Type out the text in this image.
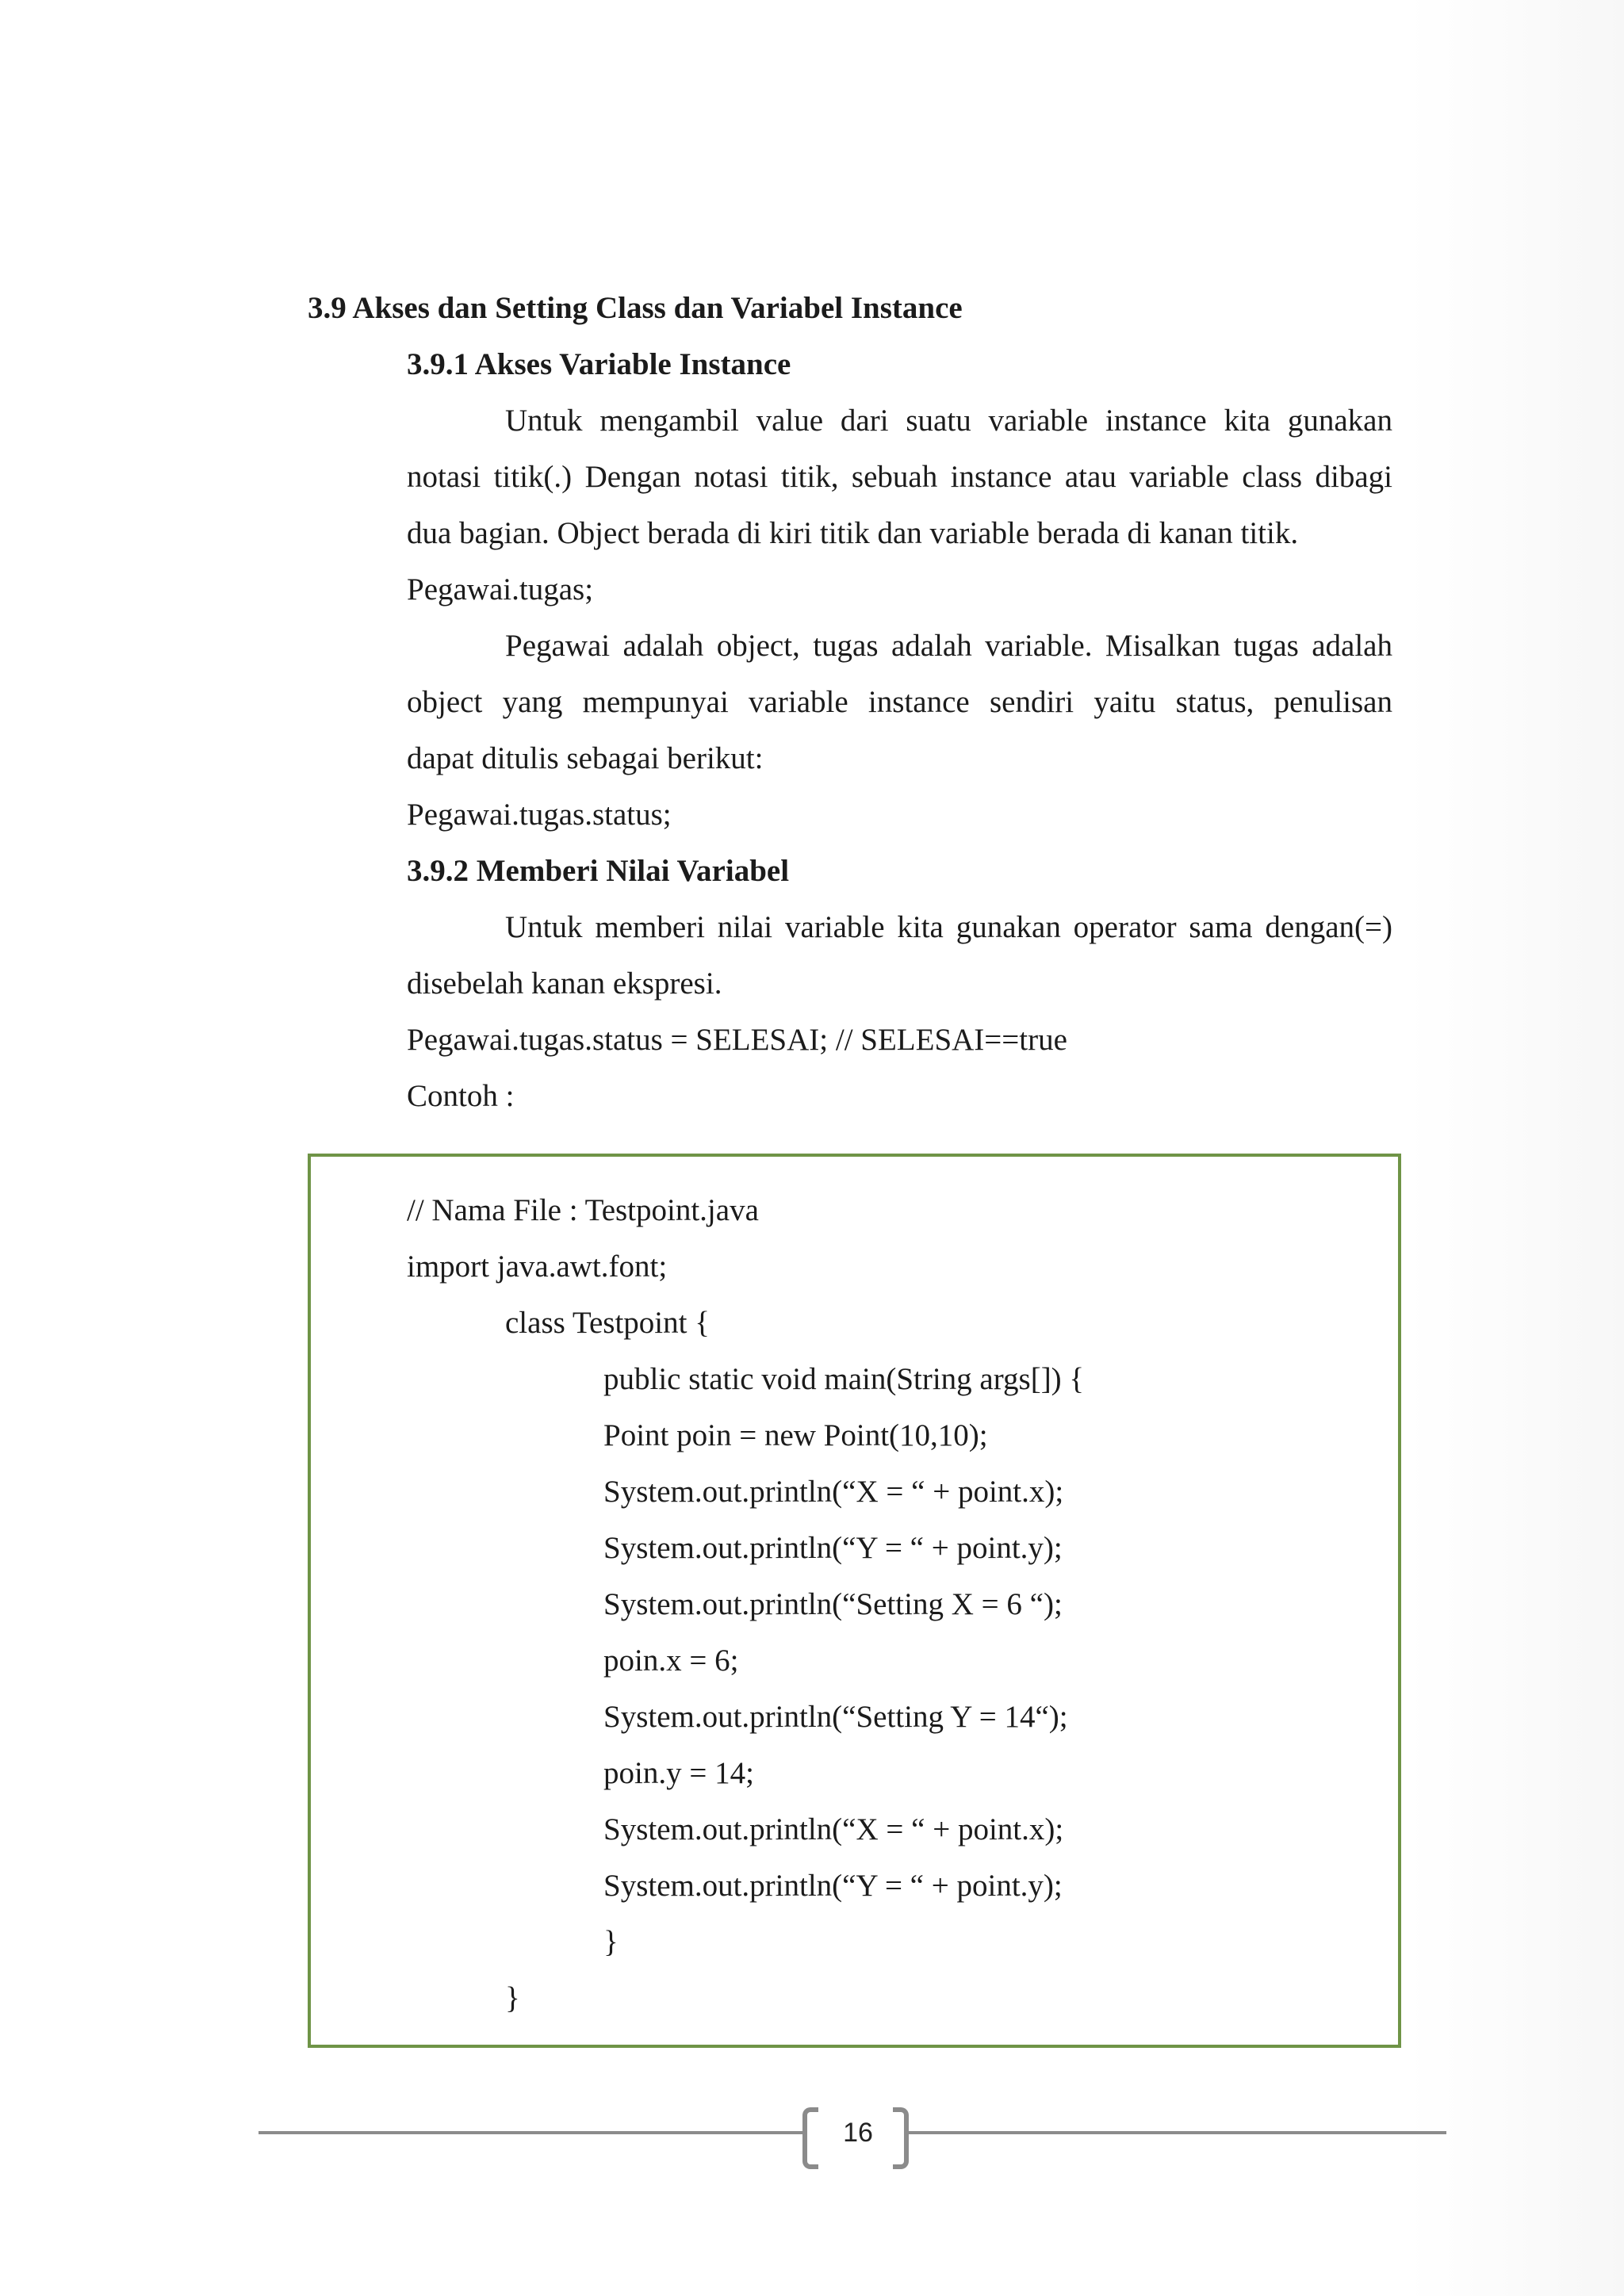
3.9 Akses dan Setting Class dan Variabel Instance
3.9.1 Akses Variable Instance
Untuk mengambil value dari suatu variable instance kita gunakan
notasi titik(.) Dengan notasi titik, sebuah instance atau variable class dibagi
dua bagian. Object berada di kiri titik dan variable berada di kanan titik.
Pegawai.tugas;
Pegawai adalah object, tugas adalah variable. Misalkan tugas adalah
object yang mempunyai variable instance sendiri yaitu status, penulisan
dapat ditulis sebagai berikut:
Pegawai.tugas.status;
3.9.2 Memberi Nilai Variabel
Untuk memberi nilai variable kita gunakan operator sama dengan(=)
disebelah kanan ekspresi.
Pegawai.tugas.status = SELESAI; // SELESAI==true
Contoh :
// Nama File : Testpoint.java
import java.awt.font;
class Testpoint {
public static void main(String args[]) {
Point poin = new Point(10,10);
System.out.println(“X = “ + point.x);
System.out.println(“Y = “ + point.y);
System.out.println(“Setting X = 6 “);
poin.x = 6;
System.out.println(“Setting Y = 14“);
poin.y = 14;
System.out.println(“X = “ + point.x);
System.out.println(“Y = “ + point.y);
}
}
16
